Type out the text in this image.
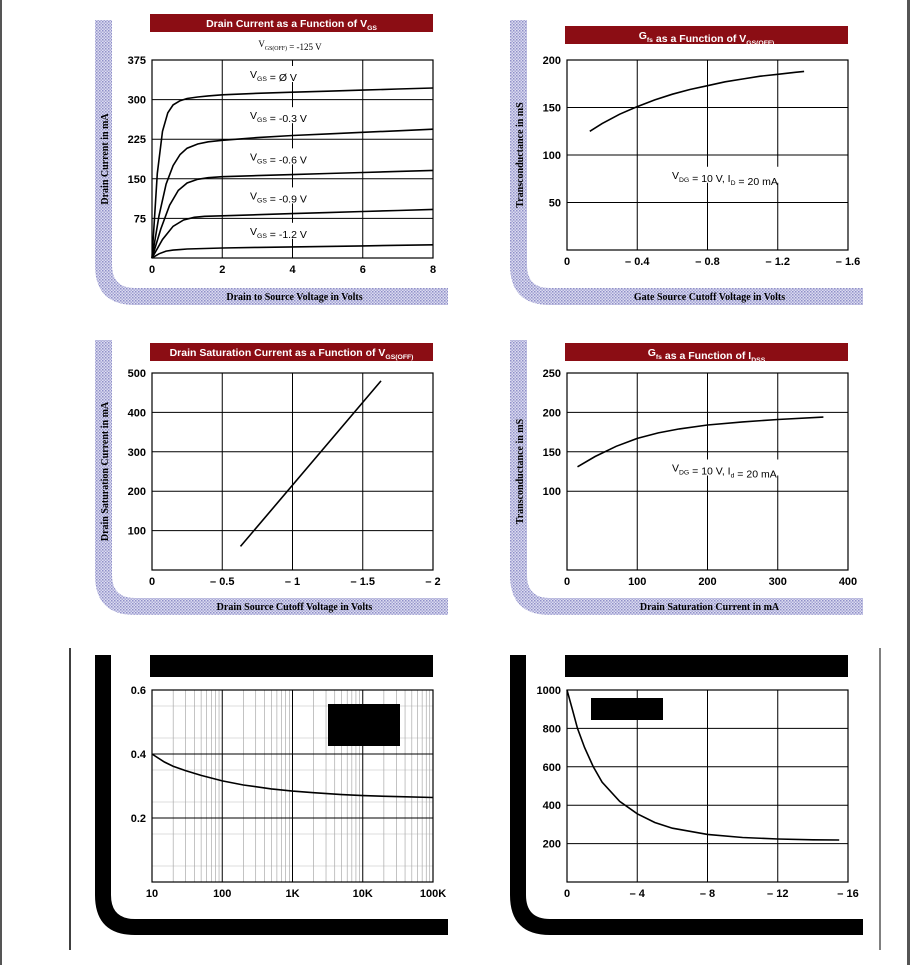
0	2	4	6	8
75
150
225
300
375
Drain Current as a Function of $V_{GS}$
$V_{GS(OFF)} = -125$ V
Drain to Source Voltage in Volts
Drain Current in mA
$V_{GS}$ = Ø V
$V_{GS} = -0.3$ V
$V_{GS} = -0.6$ V
$V_{GS} = -0.9$ V
$V_{GS} = -1.2$ V
0	– 0.4	– 0.8	– 1.2	– 1.6
50
100
150
200
$G_{fs}$ as a Function of $V_{GS(OFF)}$
Gate Source Cutoff Voltage in Volts
Transconductance in mS	$V_{DG} = 10$ V, $I_D = 20$ mA
0	– 0.5	– 1	– 1.5	– 2
100
200
300
400
500
Drain Saturation Current as a Function of $V_{GS(OFF)}$
Drain Source Cutoff Voltage in Volts
Drain Saturation Current in mA
0	100	200	300	400
100
150
200
250
$G_{fs}$ as a Function of $I_{DSS}$
Drain Saturation Current in mA
Transconductance in mS	$V_{DG} = 10$ V, $I_d = 20$ mA
10	100	1K	10K	100K
0.2
0.4
0.6
0	– 4	– 8	– 12	– 16
200
400
600
800
1000
